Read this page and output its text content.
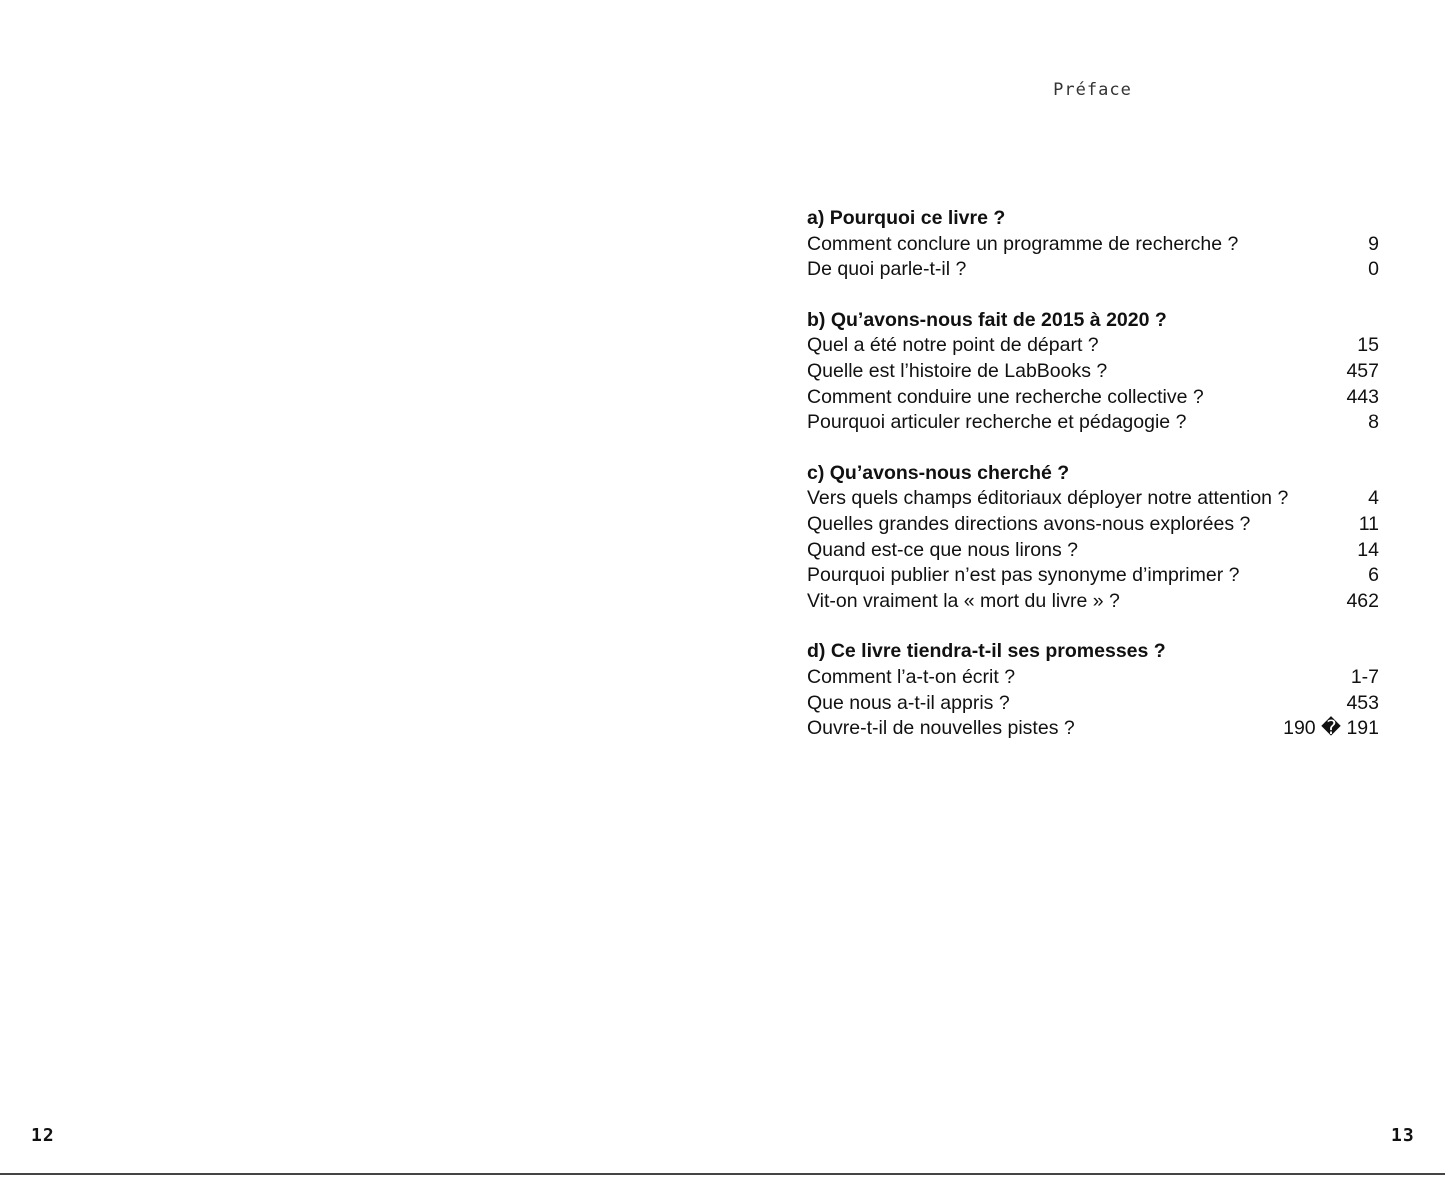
Préface
a) Pourquoi ce livre ?
Comment conclure un programme de recherche ?	9
De quoi parle-t-il ?	0
b) Qu’avons-nous fait de 2015 à 2020 ?
Quel a été notre point de départ ?	15
Quelle est l’histoire de LabBooks ?	457
Comment conduire une recherche collective ?	443
Pourquoi articuler recherche et pédagogie ?	8
c) Qu’avons-nous cherché ?
Vers quels champs éditoriaux déployer notre attention ?	4
Quelles grandes directions avons-nous explorées ?	11
Quand est-ce que nous lirons ?	14
Pourquoi publier n’est pas synonyme d’imprimer ?	6
Vit-on vraiment la « mort du livre » ?	462
d) Ce livre tiendra-t-il ses promesses ?
Comment l’a-t-on écrit ?	1-7
Que nous a-t-il appris ?	453
Ouvre-t-il de nouvelles pistes ?	190 � 191
12	13
